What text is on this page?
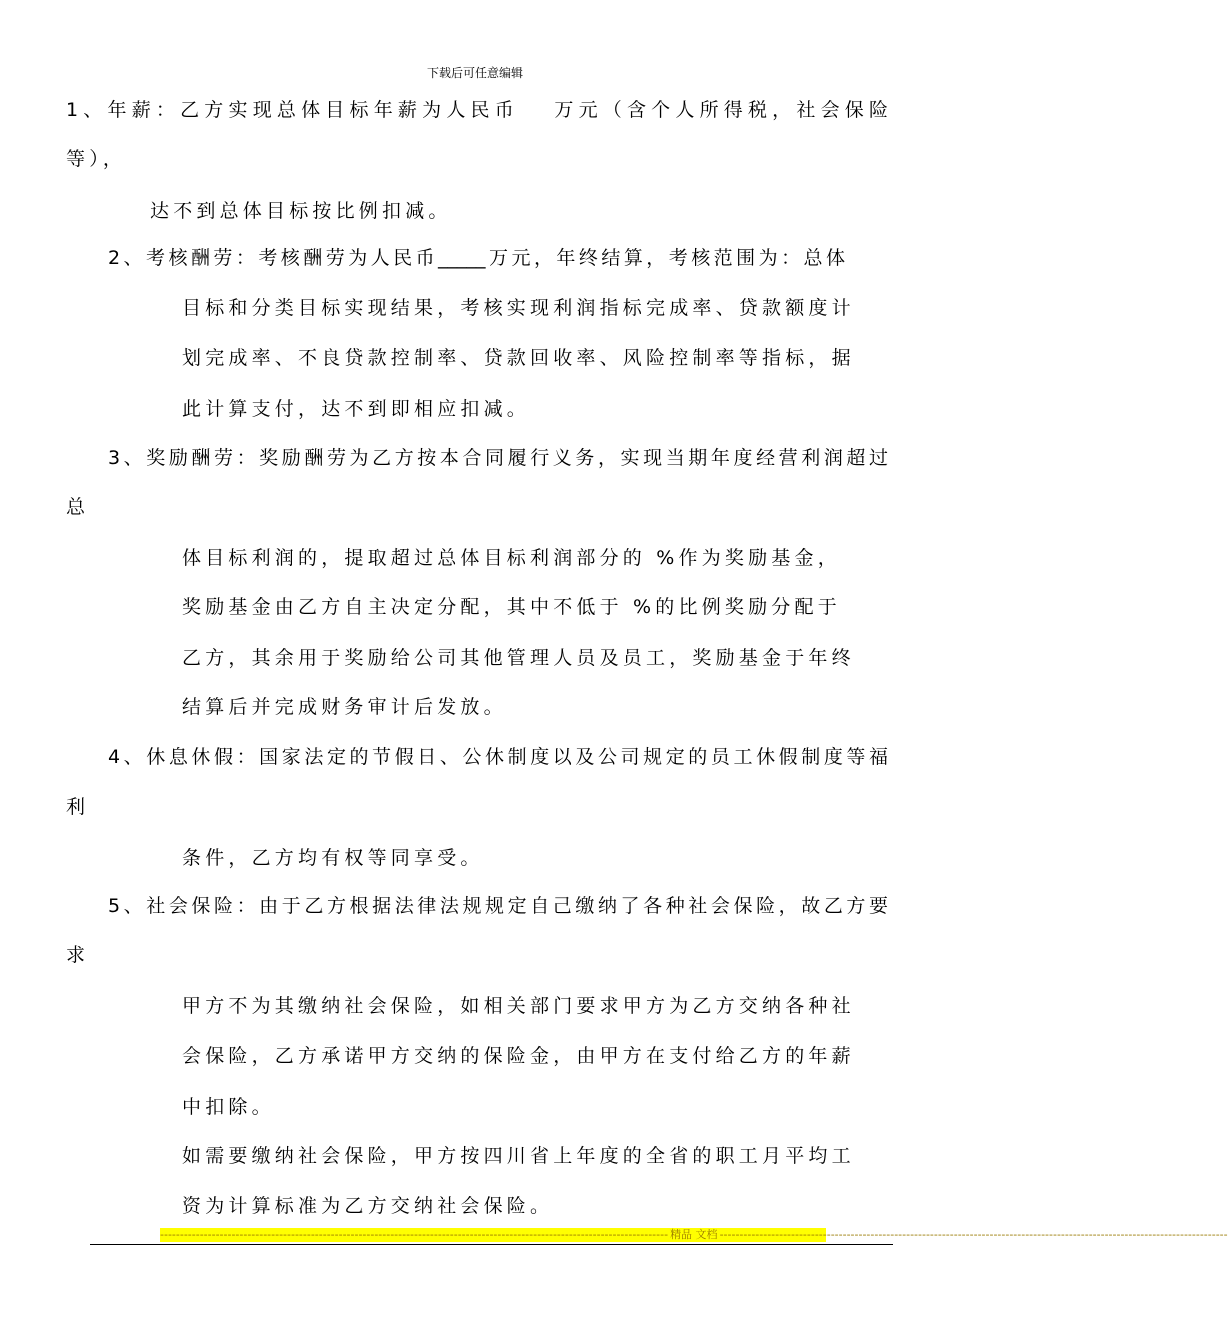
下载后可任意编辑
1、年薪：乙方实现总体目标年薪为人民币　 万元（含个人所得税，社会保险
等），
达不到总体目标按比例扣减。
2、考核酬劳：考核酬劳为人民币_____万元，年终结算，考核范围为：总体
目标和分类目标实现结果，考核实现利润指标完成率、贷款额度计
划完成率、不良贷款控制率、贷款回收率、风险控制率等指标，据
此计算支付，达不到即相应扣减。
3、奖励酬劳：奖励酬劳为乙方按本合同履行义务，实现当期年度经营利润超过
总
体目标利润的，提取超过总体目标利润部分的 %作为奖励基金，
奖励基金由乙方自主决定分配，其中不低于 %的比例奖励分配于
乙方，其余用于奖励给公司其他管理人员及员工，奖励基金于年终
结算后并完成财务审计后发放。
4、休息休假：国家法定的节假日、公休制度以及公司规定的员工休假制度等福
利
条件，乙方均有权等同享受。
5、社会保险：由于乙方根据法律法规规定自己缴纳了各种社会保险，故乙方要
求
甲方不为其缴纳社会保险，如相关部门要求甲方为乙方交纳各种社
会保险，乙方承诺甲方交纳的保险金，由甲方在支付给乙方的年薪
中扣除。
如需要缴纳社会保险，甲方按四川省上年度的全省的职工月平均工
资为计算标准为乙方交纳社会保险。
-------------------------------------------------------------------------------------------------------------------------------- 精品 文档 --------------------------------------------------------------------------------------------------------------------------------
